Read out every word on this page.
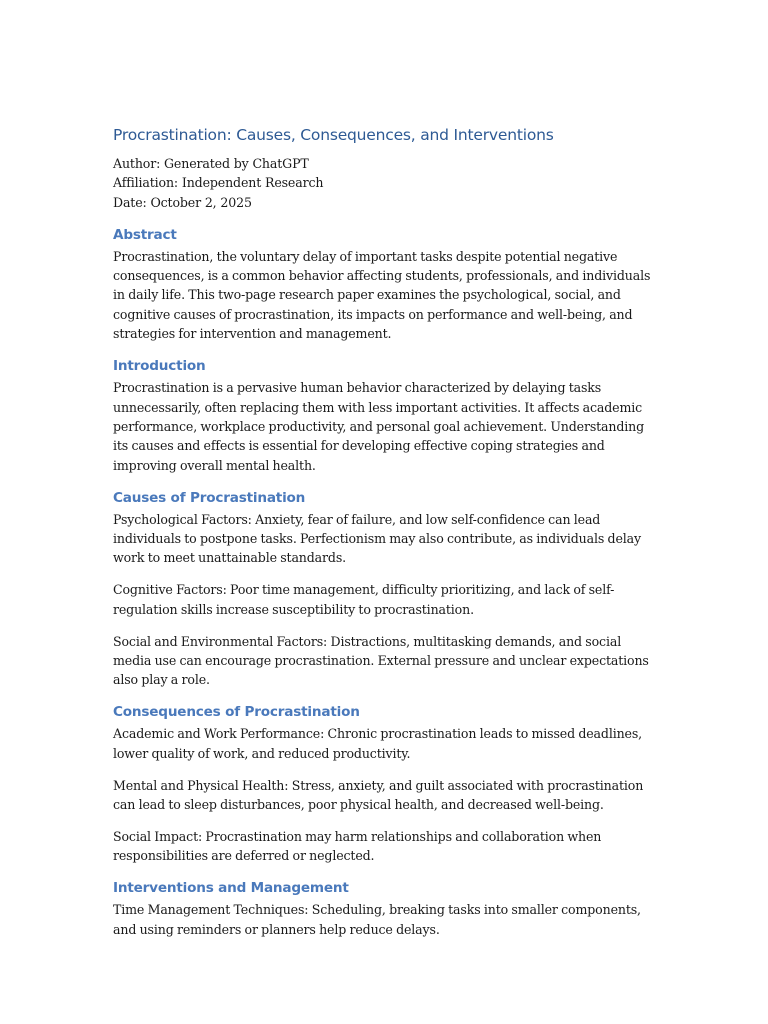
Procrastination: Causes, Consequences, and Interventions

Author: Generated by ChatGPT

Affiliation: Independent Research

Date: October 2, 2025

Abstract

Procrastination, the voluntary delay of important tasks despite potential negative consequences, is a common behavior affecting students, professionals, and individuals in daily life. This two-page research paper examines the psychological, social, and cognitive causes of procrastination, its impacts on performance and well-being, and strategies for intervention and management.

Introduction

Procrastination is a pervasive human behavior characterized by delaying tasks unnecessarily, often replacing them with less important activities. It affects academic performance, workplace productivity, and personal goal achievement. Understanding its causes and effects is essential for developing effective coping strategies and improving overall mental health.

Causes of Procrastination

Psychological Factors: Anxiety, fear of failure, and low self-confidence can lead individuals to postpone tasks. Perfectionism may also contribute, as individuals delay work to meet unattainable standards.

Cognitive Factors: Poor time management, difficulty prioritizing, and lack of self-regulation skills increase susceptibility to procrastination.

Social and Environmental Factors: Distractions, multitasking demands, and social media use can encourage procrastination. External pressure and unclear expectations also play a role.

Consequences of Procrastination

Academic and Work Performance: Chronic procrastination leads to missed deadlines, lower quality of work, and reduced productivity.

Mental and Physical Health: Stress, anxiety, and guilt associated with procrastination can lead to sleep disturbances, poor physical health, and decreased well-being.

Social Impact: Procrastination may harm relationships and collaboration when responsibilities are deferred or neglected.

Interventions and Management

Time Management Techniques: Scheduling, breaking tasks into smaller components, and using reminders or planners help reduce delays.
